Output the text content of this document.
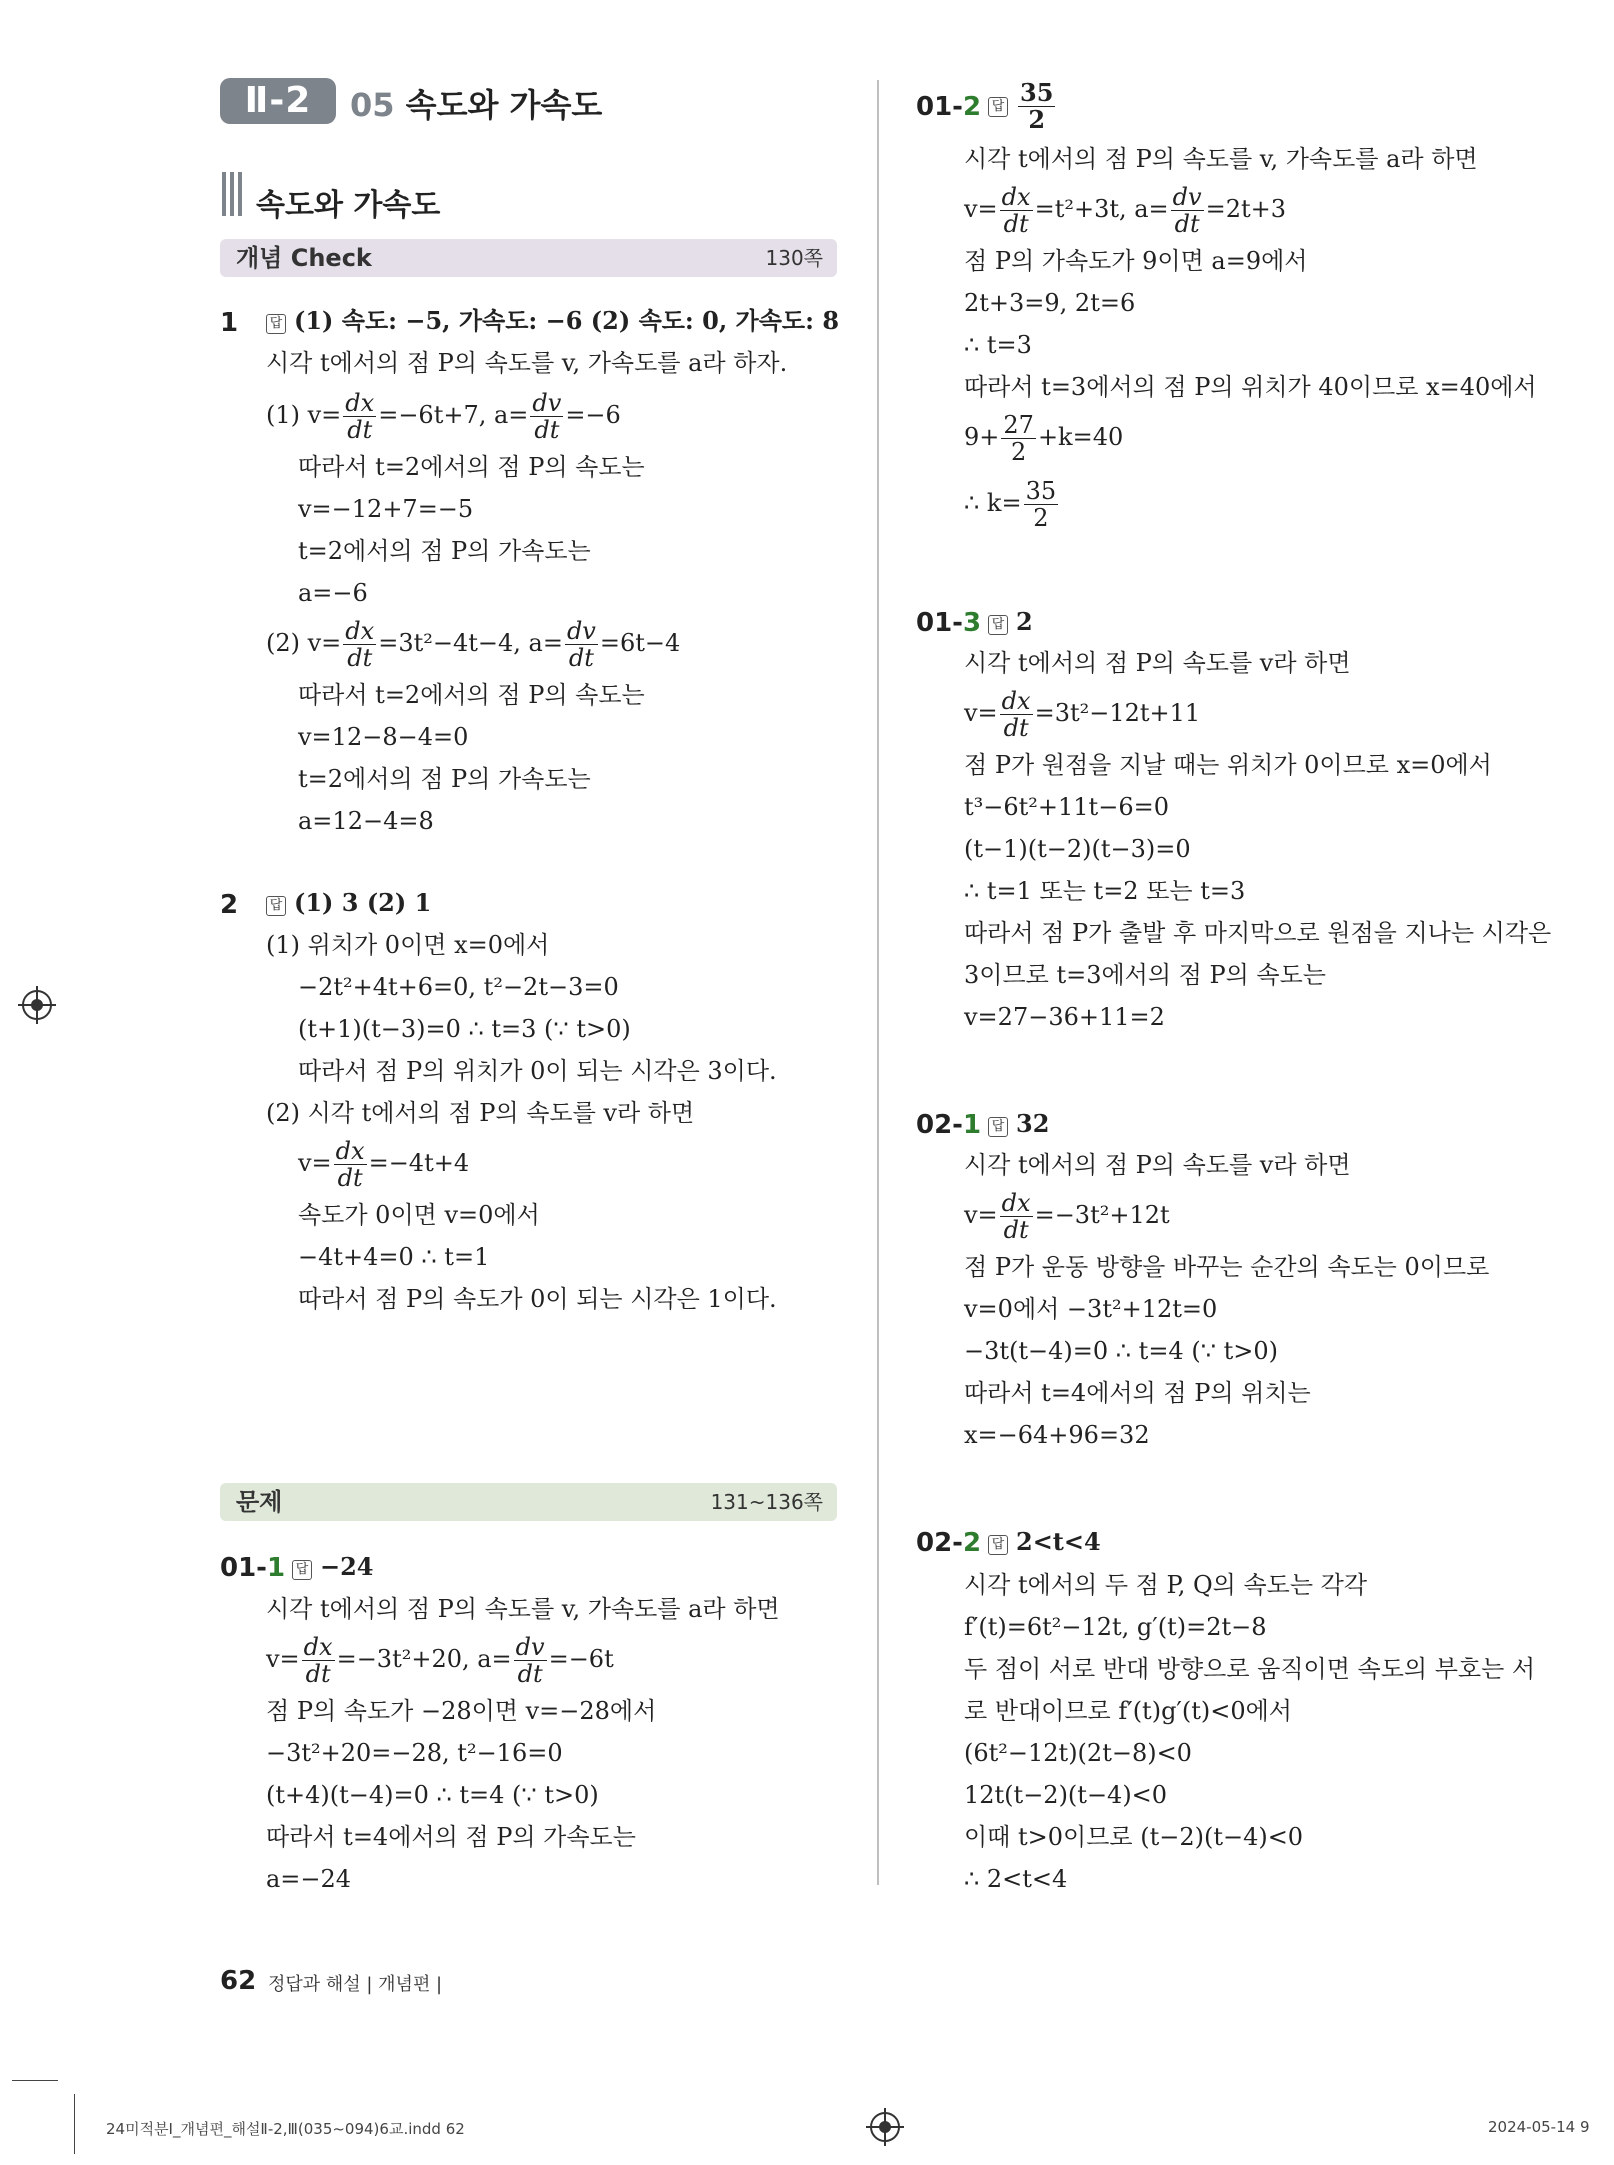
Ⅱ-2	05 속도와 가속도
속도와 가속도
개념 Check	130쪽
1 답 (1) 속도: −5, 가속도: −6 (2) 속도: 0, 가속도: 8
시각 t에서의 점 P의 속도를 v, 가속도를 a라 하자.
(1) $v= \frac{dx}{dt} =-6t+7$, $a= \frac{dv}{dt} =-6$
따라서 t=2에서의 점 P의 속도는
v=−12+7=−5
t=2에서의 점 P의 가속도는
a=−6
(2) $v= \frac{dx}{dt} =3t^2-4t-4$, $a= \frac{dv}{dt} =6t-4$
따라서 t=2에서의 점 P의 속도는
v=12−8−4=0
t=2에서의 점 P의 가속도는
a=12−4=8
2 답 (1) 3 (2) 1
(1) 위치가 0이면 x=0에서
−2t²+4t+6=0, t²−2t−3=0
(t+1)(t−3)=0 ∴ t=3 (∵ t>0)
따라서 점 P의 위치가 0이 되는 시각은 3이다.
(2) 시각 t에서의 점 P의 속도를 v라 하면
$v= \frac{dx}{dt} =-4t+4$
속도가 0이면 v=0에서
−4t+4=0 ∴ t=1
따라서 점 P의 속도가 0이 되는 시각은 1이다.
문제	131~136쪽
01-1 답 −24
시각 t에서의 점 P의 속도를 v, 가속도를 a라 하면
$v= \frac{dx}{dt} =-3t^2+20$, $a= \frac{dv}{dt} =-6t$
점 P의 속도가 −28이면 v=−28에서
−3t²+20=−28, t²−16=0
(t+4)(t−4)=0 ∴ t=4 (∵ t>0)
따라서 t=4에서의 점 P의 가속도는
a=−24
01-2 답 $\frac{35}{2}$
시각 t에서의 점 P의 속도를 v, 가속도를 a라 하면
$v= \frac{dx}{dt} =t^2+3t$, $a= \frac{dv}{dt} =2t+3$
점 P의 가속도가 9이면 a=9에서
2t+3=9, 2t=6
∴ t=3
따라서 t=3에서의 점 P의 위치가 40이므로 x=40에서
$9+ \frac{27}{2} +k=40$
∴ $k= \frac{35}{2}$
01-3 답 2
시각 t에서의 점 P의 속도를 v라 하면
$v= \frac{dx}{dt} =3t^2-12t+11$
점 P가 원점을 지날 때는 위치가 0이므로 x=0에서
t³−6t²+11t−6=0
(t−1)(t−2)(t−3)=0
∴ t=1 또는 t=2 또는 t=3
따라서 점 P가 출발 후 마지막으로 원점을 지나는 시각은
3이므로 t=3에서의 점 P의 속도는
v=27−36+11=2
02-1 답 32
시각 t에서의 점 P의 속도를 v라 하면
$v= \frac{dx}{dt} =-3t^2+12t$
점 P가 운동 방향을 바꾸는 순간의 속도는 0이므로
v=0에서 −3t²+12t=0
−3t(t−4)=0 ∴ t=4 (∵ t>0)
따라서 t=4에서의 점 P의 위치는
x=−64+96=32
02-2 답 2<t<4
시각 t에서의 두 점 P, Q의 속도는 각각
f′(t)=6t²−12t, g′(t)=2t−8
두 점이 서로 반대 방향으로 움직이면 속도의 부호는 서
로 반대이므로 f′(t)g′(t)<0에서
(6t²−12t)(2t−8)<0
12t(t−2)(t−4)<0
이때 t>0이므로 (t−2)(t−4)<0
∴ 2<t<4
62 정답과 해설 | 개념편 |
24미적분Ⅰ_개념편_해설Ⅱ-2,Ⅲ(035~094)6교.indd 62	2024-05-14 9
